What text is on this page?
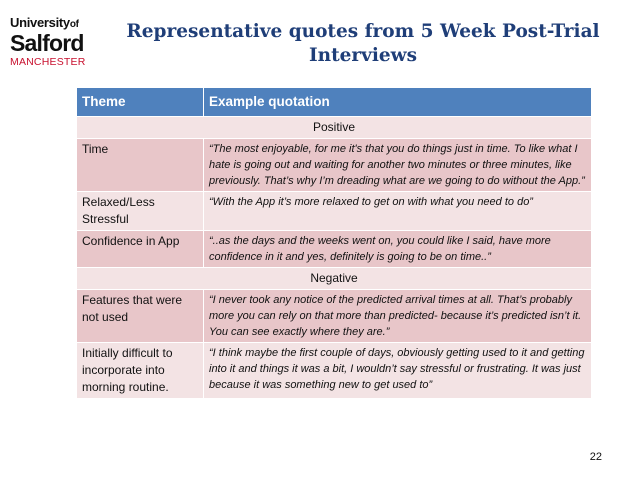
Universityof
Salford
MANCHESTER
Representative quotes from 5 Week Post-Trial Interviews
Theme	Example quotation
Positive	
Time	“The most enjoyable, for me it's that you do things just in time. To like what I hate is going out and waiting for another two minutes or three minutes, like previously. That’s why I’m dreading what are we going to do without the App.”
Relaxed/Less Stressful	“With the App it’s more relaxed to get on with what you need to do”
Confidence in App	“..as the days and the weeks went on, you could like I said, have more confidence in it and yes, definitely is going to be on time..”
Negative	
Features that were not used	“I never took any notice of the predicted arrival times at all. That’s probably more you can rely on that more than predicted- because it’s predicted isn’t it. You can see exactly where they are.”
Initially difficult to incorporate into morning routine.	“I think maybe the first couple of days, obviously getting used to it and getting into it and things it was a bit, I wouldn’t say stressful or frustrating. It was just because it was something new to get used to”
22
